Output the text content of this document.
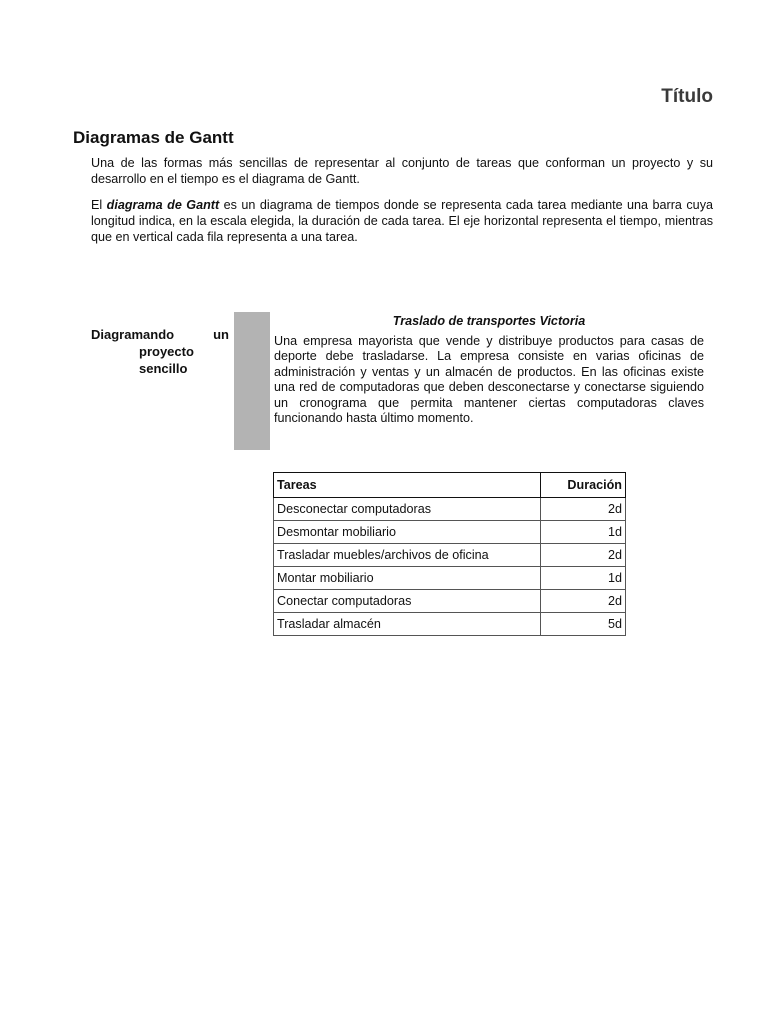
Título
Diagramas de Gantt

Una de las formas más sencillas de representar al conjunto de tareas que conforman un proyecto y su desarrollo en el tiempo es el diagrama de Gantt.

El diagrama de Gantt es un diagrama de tiempos donde se representa cada tarea mediante una barra cuya longitud indica, en la escala elegida, la duración de cada tarea. El eje horizontal representa el tiempo, mientras que en vertical cada fila representa a una tarea.

Diagramando	un
proyecto
sencillo

Traslado de transportes Victoria

Una empresa mayorista que vende y distribuye productos para casas de deporte debe trasladarse. La empresa consiste en varias oficinas de administración y ventas y un almacén de productos. En las oficinas existe una red de computadoras que deben desconectarse y conectarse siguiendo un cronograma que permita mantener ciertas computadoras claves funcionando hasta último momento.

Tareas	Duración
Desconectar computadoras	2d
Desmontar mobiliario	1d
Trasladar muebles/archivos de oficina	2d
Montar mobiliario	1d
Conectar computadoras	2d
Trasladar almacén	5d
